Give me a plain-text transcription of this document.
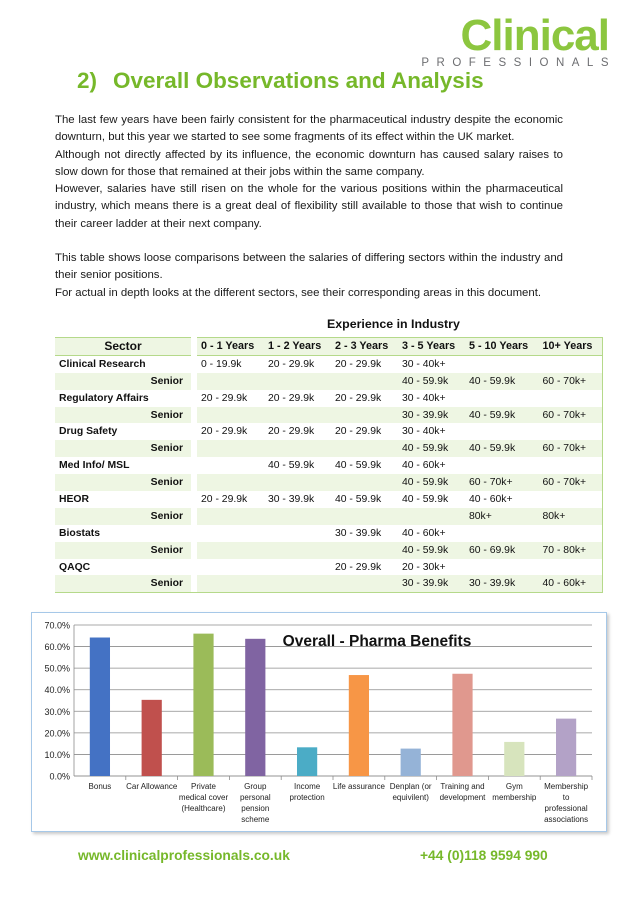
Clinical
PROFESSIONALS
2) Overall Observations and Analysis

The last few years have been fairly consistent for the pharmaceutical industry despite the economic downturn, but this year we started to see some fragments of its effect within the UK market.

Although not directly affected by its influence, the economic downturn has caused salary raises to slow down for those that remained at their jobs within the same company.

However, salaries have still risen on the whole for the various positions within the pharmaceutical industry, which means there is a great deal of flexibility still available to those that wish to continue their career ladder at their next company.

This table shows loose comparisons between the salaries of differing sectors within the industry and their senior positions.

For actual in depth looks at the different sectors, see their corresponding areas in this document.

Experience in Industry
Sector		0 - 1 Years	1 - 2 Years	2 - 3 Years	3 - 5 Years	5 - 10 Years	10+ Years
Clinical Research		0 - 19.9k	20 - 29.9k	20 - 29.9k	30 - 40k+		
Senior					40 - 59.9k	40 - 59.9k	60 - 70k+
Regulatory Affairs		20 - 29.9k	20 - 29.9k	20 - 29.9k	30 - 40k+		
Senior					30 - 39.9k	40 - 59.9k	60 - 70k+
Drug Safety		20 - 29.9k	20 - 29.9k	20 - 29.9k	30 - 40k+		
Senior					40 - 59.9k	40 - 59.9k	60 - 70k+
Med Info/ MSL			40 - 59.9k	40 - 59.9k	40 - 60k+		
Senior					40 - 59.9k	60 - 70k+	60 - 70k+
HEOR		20 - 29.9k	30 - 39.9k	40 - 59.9k	40 - 59.9k	40 - 60k+	
Senior						80k+	80k+
Biostats				30 - 39.9k	40 - 60k+		
Senior					40 - 59.9k	60 - 69.9k	70 - 80k+
QAQC				20 - 29.9k	20 - 30k+		
Senior					30 - 39.9k	30 - 39.9k	40 - 60k+
0.0%
10.0%
20.0%
30.0%
40.0%
50.0%
60.0%
70.0%
Bonus Car Allowance Private
medical cover
(Healthcare)
Group
personal
pension
scheme
Income
protection
Life assurance Denplan (or
equivilent)
Training and
development
Gym
membership
Membership
to
professional
associations
Overall - Pharma Benefits
www.clinicalprofessionals.co.uk	+44 (0)118 9594 990
